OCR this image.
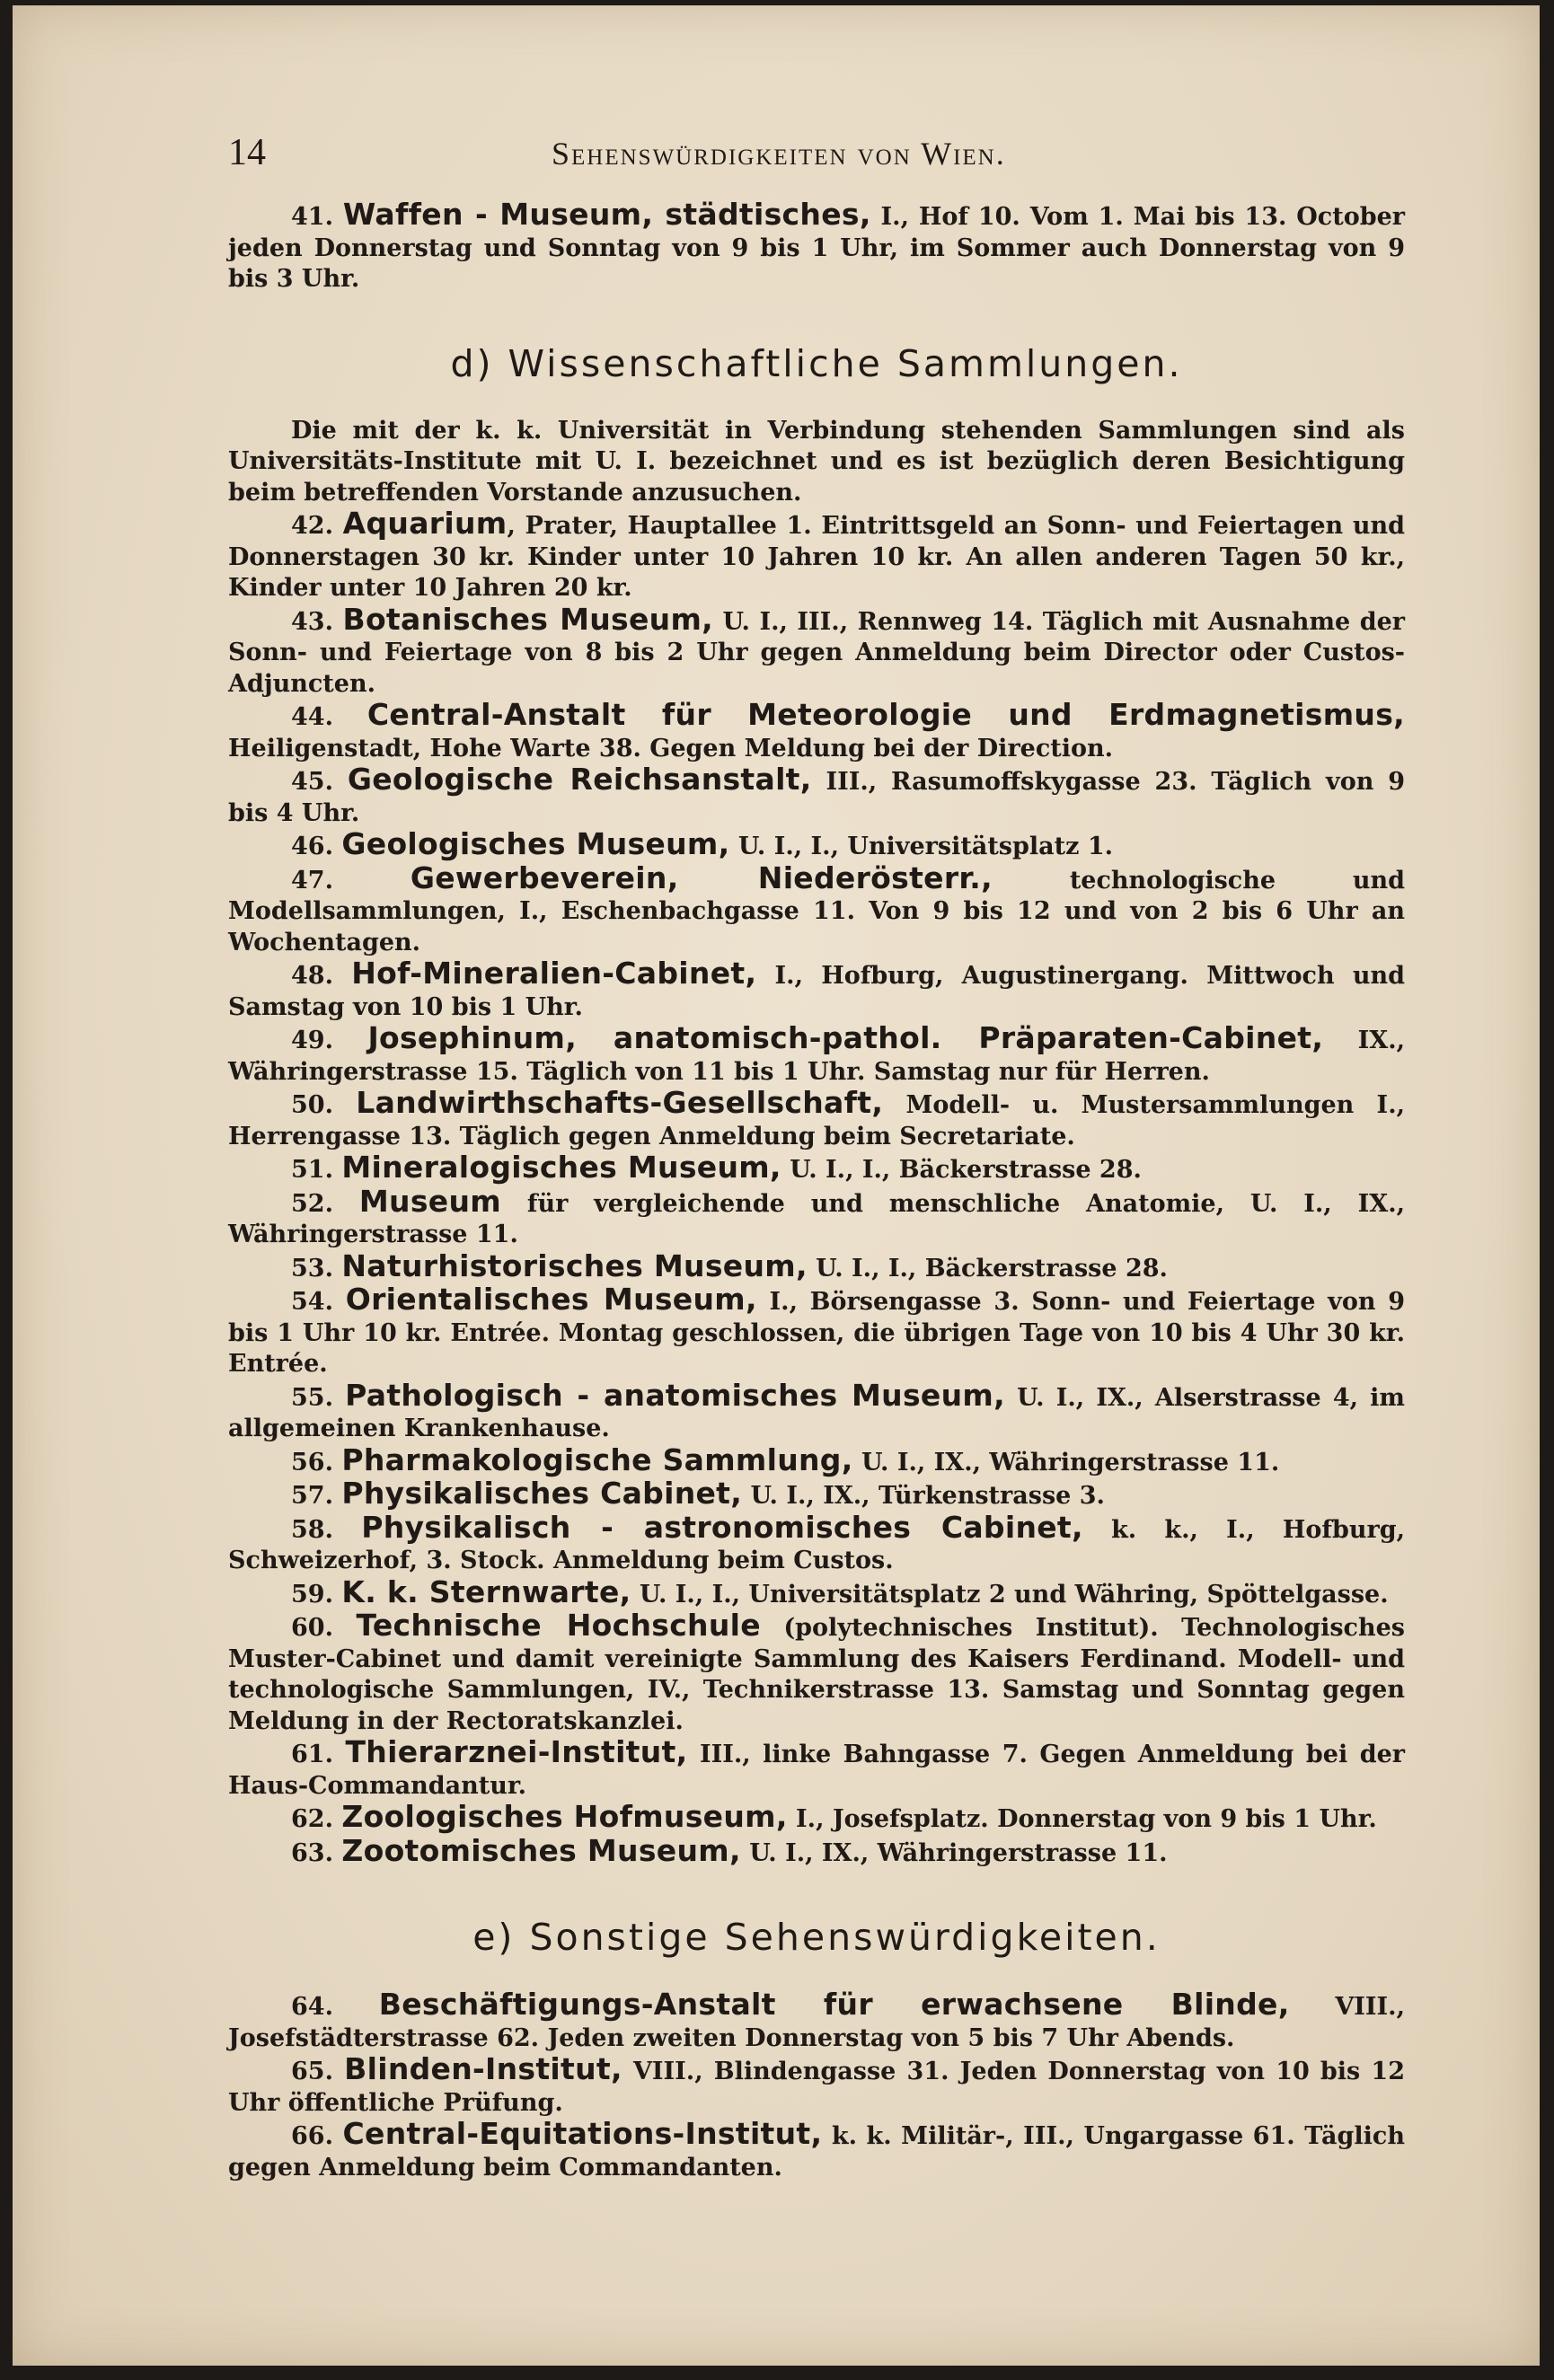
14	Sehenswürdigkeiten von Wien.

41. Waffen - Museum, städtisches, I., Hof 10. Vom 1. Mai bis 13. October jeden Donnerstag und Sonntag von 9 bis 1 Uhr, im Sommer auch Donnerstag von 9 bis 3 Uhr.

d) Wissenschaftliche Sammlungen.

Die mit der k. k. Universität in Verbindung stehenden Sammlungen sind als Universitäts-Institute mit U. I. bezeichnet und es ist bezüglich deren Besichtigung beim betreffenden Vorstande anzusuchen.

42. Aquarium, Prater, Hauptallee 1. Eintrittsgeld an Sonn- und Feiertagen und Donnerstagen 30 kr. Kinder unter 10 Jahren 10 kr. An allen anderen Tagen 50 kr., Kinder unter 10 Jahren 20 kr.

43. Botanisches Museum, U. I., III., Rennweg 14. Täglich mit Ausnahme der Sonn- und Feiertage von 8 bis 2 Uhr gegen Anmeldung beim Director oder Custos-Adjuncten.

44. Central-Anstalt für Meteorologie und Erdmagnetismus, Heiligenstadt, Hohe Warte 38. Gegen Meldung bei der Direction.

45. Geologische Reichsanstalt, III., Rasumoffskygasse 23. Täglich von 9 bis 4 Uhr.

46. Geologisches Museum, U. I., I., Universitätsplatz 1.

47.	Gewerbeverein, Niederösterr., technologische und Modellsammlungen, I., Eschenbachgasse 11. Von 9 bis 12 und von 2 bis 6 Uhr an Wochentagen.

48. Hof-Mineralien-Cabinet, I., Hofburg, Augustinergang. Mittwoch und Samstag von 10 bis 1 Uhr.

49. Josephinum, anatomisch-pathol. Präparaten-Cabinet, IX., Währingerstrasse 15. Täglich von 11 bis 1 Uhr. Samstag nur für Herren.

50. Landwirthschafts-Gesellschaft, Modell- u. Mustersammlungen I., Herrengasse 13. Täglich gegen Anmeldung beim Secretariate.

51. Mineralogisches Museum, U. I., I., Bäckerstrasse 28.

52. Museum für vergleichende und menschliche Anatomie, U. I., IX., Währingerstrasse 11.

53. Naturhistorisches Museum, U. I., I., Bäckerstrasse 28.

54. Orientalisches Museum, I., Börsengasse 3. Sonn- und Feiertage von 9 bis 1 Uhr 10 kr. Entrée. Montag geschlossen, die übrigen Tage von 10 bis 4 Uhr 30 kr. Entrée.

55. Pathologisch - anatomisches Museum, U. I., IX., Alserstrasse 4, im allgemeinen Krankenhause.

56. Pharmakologische Sammlung, U. I., IX., Währingerstrasse 11.

57. Physikalisches Cabinet, U. I., IX., Türkenstrasse 3.

58. Physikalisch - astronomisches Cabinet, k. k., I., Hofburg, Schweizerhof, 3. Stock. Anmeldung beim Custos.

59. K. k. Sternwarte, U. I., I., Universitätsplatz 2 und Währing, Spöttelgasse.

60. Technische Hochschule (polytechnisches Institut). Technologisches Muster-Cabinet und damit vereinigte Sammlung des Kaisers Ferdinand. Modell- und technologische Sammlungen, IV., Technikerstrasse 13. Samstag und Sonntag gegen Meldung in der Rectoratskanzlei.

61. Thierarznei-Institut, III., linke Bahngasse 7. Gegen Anmeldung bei der Haus-Commandantur.

62. Zoologisches Hofmuseum, I., Josefsplatz. Donnerstag von 9 bis 1 Uhr.

63. Zootomisches Museum, U. I., IX., Währingerstrasse 11.

e) Sonstige Sehenswürdigkeiten.

64. Beschäftigungs-Anstalt für erwachsene Blinde, VIII., Josefstädterstrasse 62. Jeden zweiten Donnerstag von 5 bis 7 Uhr Abends.

65. Blinden-Institut, VIII., Blindengasse 31. Jeden Donnerstag von 10 bis 12 Uhr öffentliche Prüfung.

66. Central-Equitations-Institut, k. k. Militär-, III., Ungargasse 61. Täglich gegen Anmeldung beim Commandanten.
